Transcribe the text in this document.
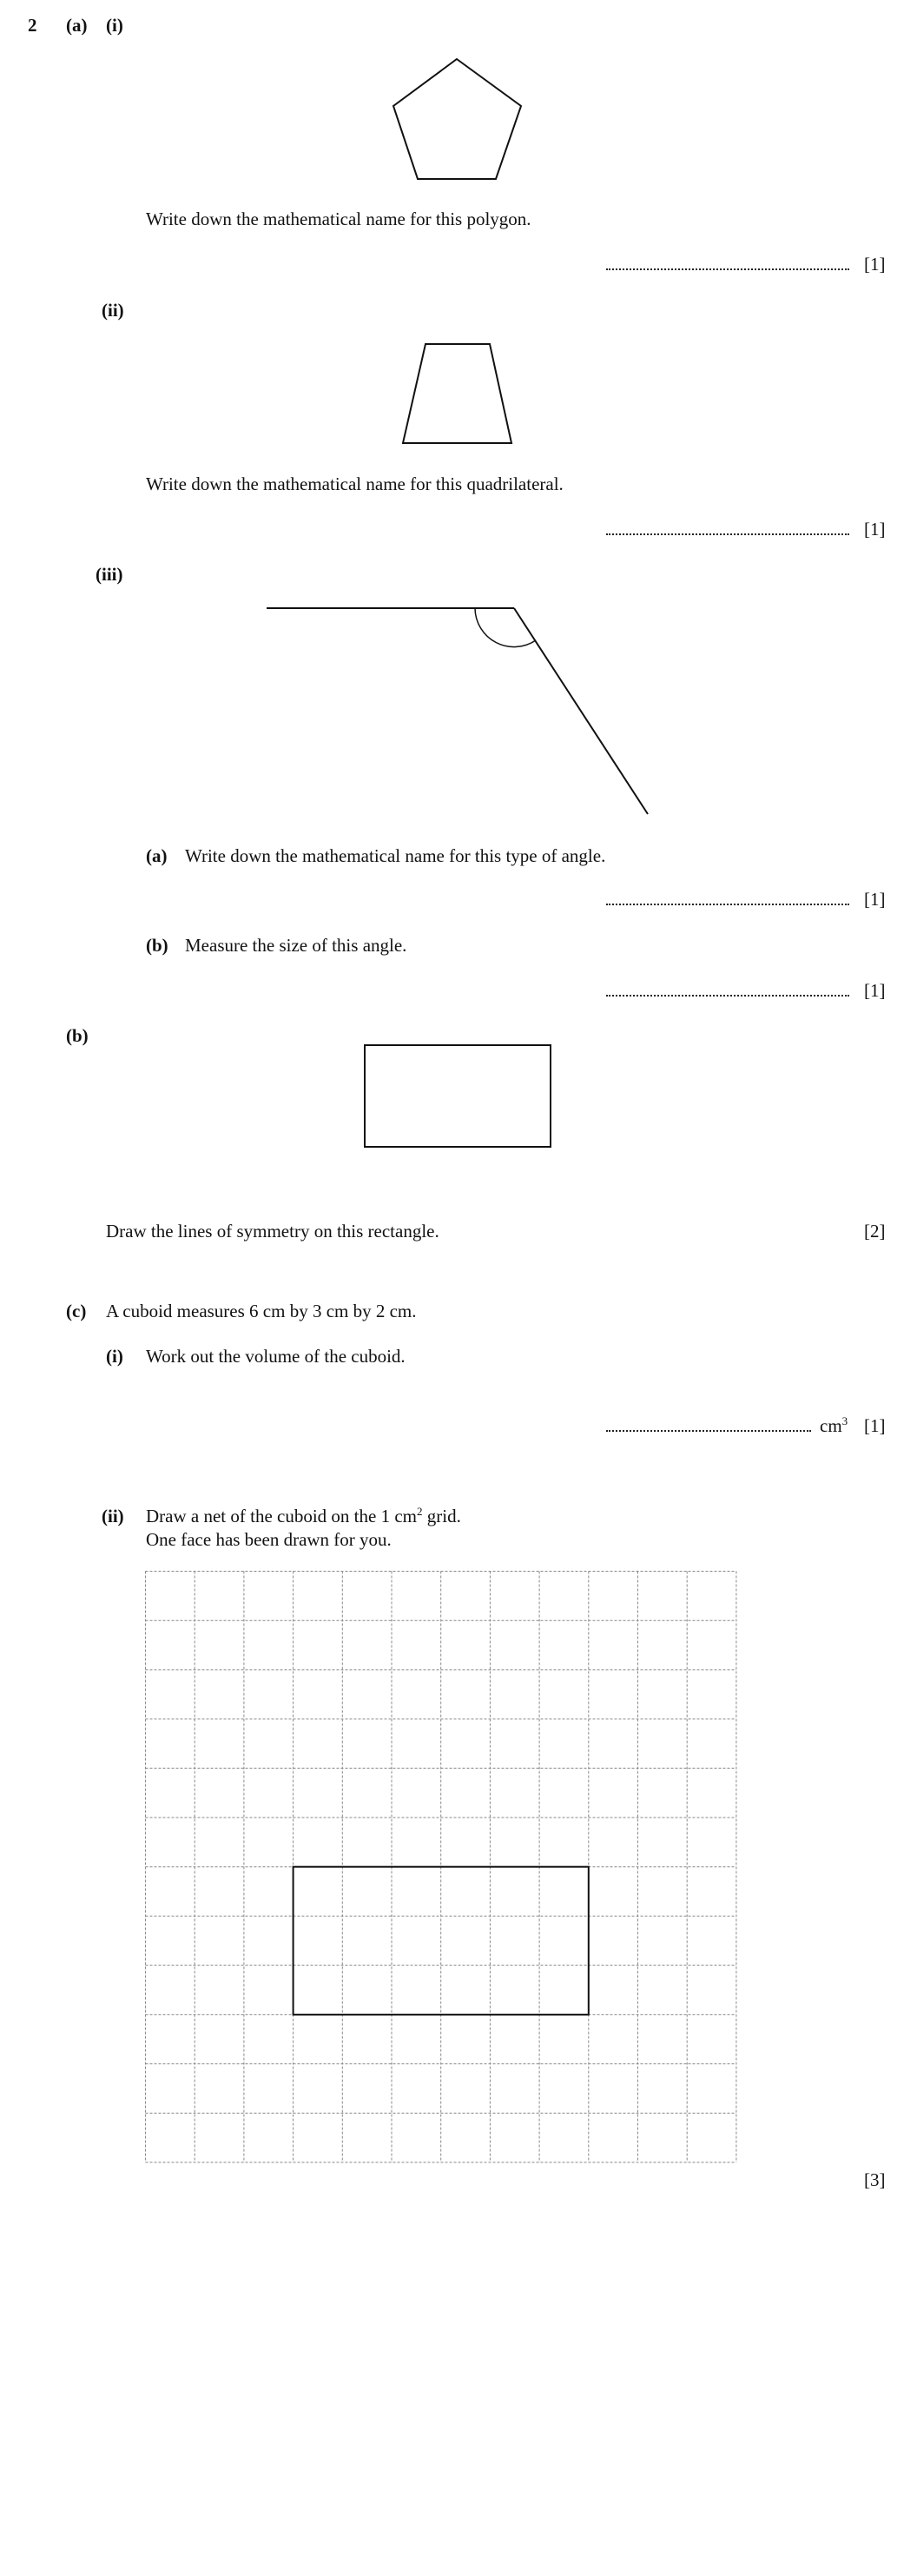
2 (a) (i)
Write down the mathematical name for this polygon.
[1]
(ii)
Write down the mathematical name for this quadrilateral.
[1]
(iii)
(a) Write down the mathematical name for this type of angle.
[1]
(b) Measure the size of this angle.
[1]
(b)
Draw the lines of symmetry on this rectangle.	[2]
(c) A cuboid measures 6 cm by 3 cm by 2 cm.
(i) Work out the volume of the cuboid.
$cm^3$ [1]
(ii) Draw a net of the cuboid on the 1 $cm^2$ grid.
One face has been drawn for you.
[3]
